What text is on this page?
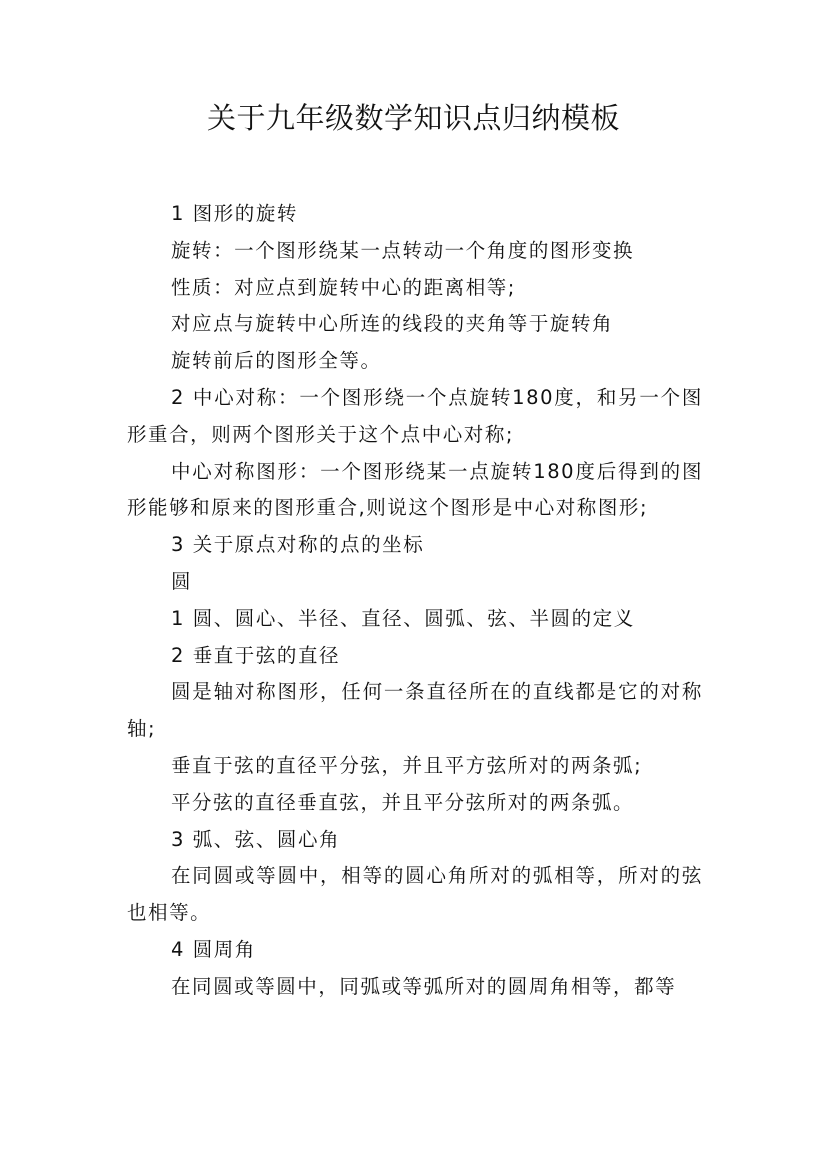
关于九年级数学知识点归纳模板

1 图形的旋转

旋转：一个图形绕某一点转动一个角度的图形变换

性质：对应点到旋转中心的距离相等;

对应点与旋转中心所连的线段的夹角等于旋转角

旋转前后的图形全等。

2 中心对称：一个图形绕一个点旋转180度，和另一个图形重合，则两个图形关于这个点中心对称;

中心对称图形：一个图形绕某一点旋转180度后得到的图形能够和原来的图形重合,则说这个图形是中心对称图形;

3 关于原点对称的点的坐标

圆

1 圆、圆心、半径、直径、圆弧、弦、半圆的定义

2 垂直于弦的直径

圆是轴对称图形，任何一条直径所在的直线都是它的对称轴;

垂直于弦的直径平分弦，并且平方弦所对的两条弧;

平分弦的直径垂直弦，并且平分弦所对的两条弧。

3 弧、弦、圆心角

在同圆或等圆中，相等的圆心角所对的弧相等，所对的弦也相等。

4 圆周角

在同圆或等圆中，同弧或等弧所对的圆周角相等，都等
